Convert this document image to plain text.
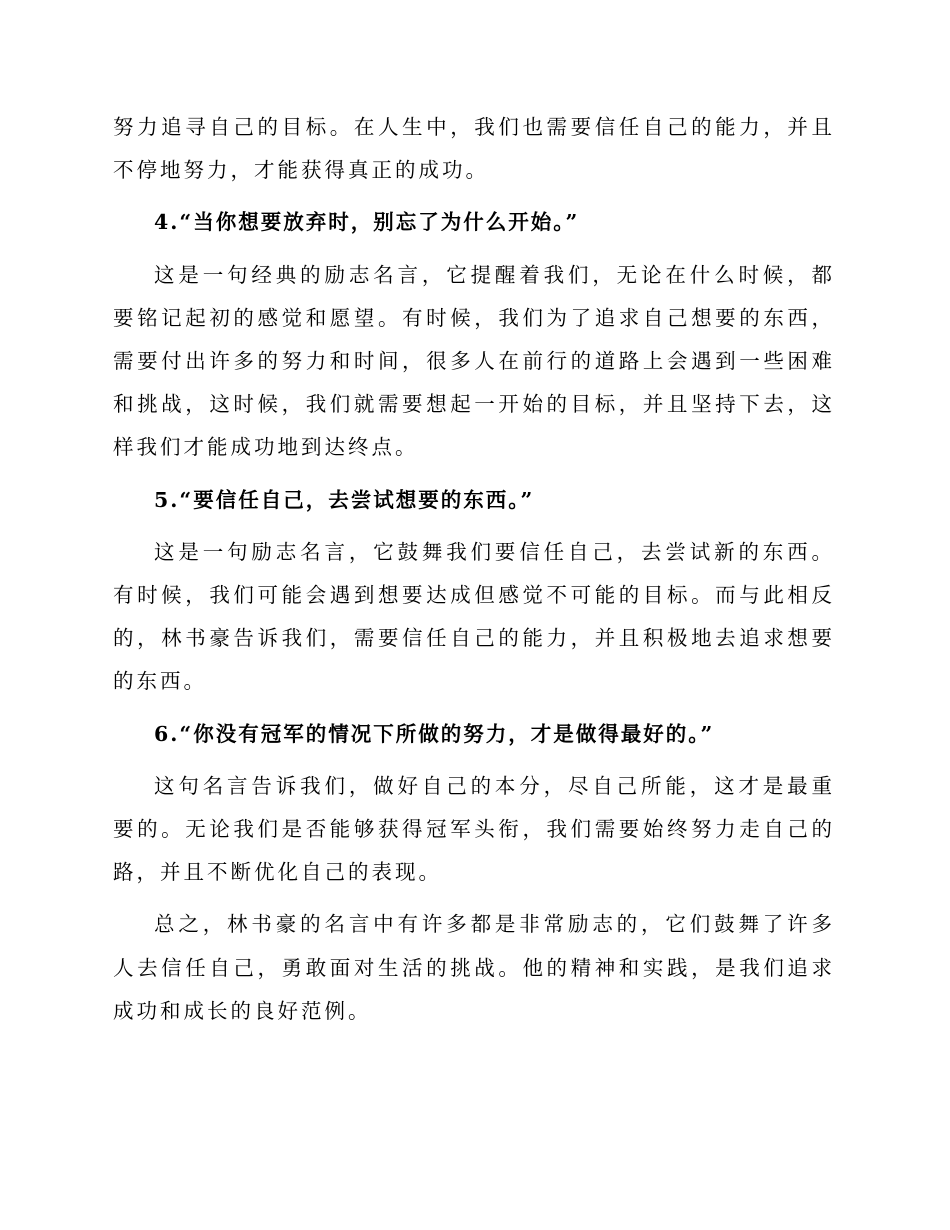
努力追寻自己的目标。在人生中，我们也需要信任自己的能力，并且不停地努力，才能获得真正的成功。

4.“当你想要放弃时，别忘了为什么开始。”

这是一句经典的励志名言，它提醒着我们，无论在什么时候，都要铭记起初的感觉和愿望。有时候，我们为了追求自己想要的东西，需要付出许多的努力和时间，很多人在前行的道路上会遇到一些困难和挑战，这时候，我们就需要想起一开始的目标，并且坚持下去，这样我们才能成功地到达终点。

5.“要信任自己，去尝试想要的东西。”

这是一句励志名言，它鼓舞我们要信任自己，去尝试新的东西。有时候，我们可能会遇到想要达成但感觉不可能的目标。而与此相反的，林书豪告诉我们，需要信任自己的能力，并且积极地去追求想要的东西。

6.“你没有冠军的情况下所做的努力，才是做得最好的。”

这句名言告诉我们，做好自己的本分，尽自己所能，这才是最重要的。无论我们是否能够获得冠军头衔，我们需要始终努力走自己的路，并且不断优化自己的表现。

总之，林书豪的名言中有许多都是非常励志的，它们鼓舞了许多人去信任自己，勇敢面对生活的挑战。他的精神和实践，是我们追求成功和成长的良好范例。
